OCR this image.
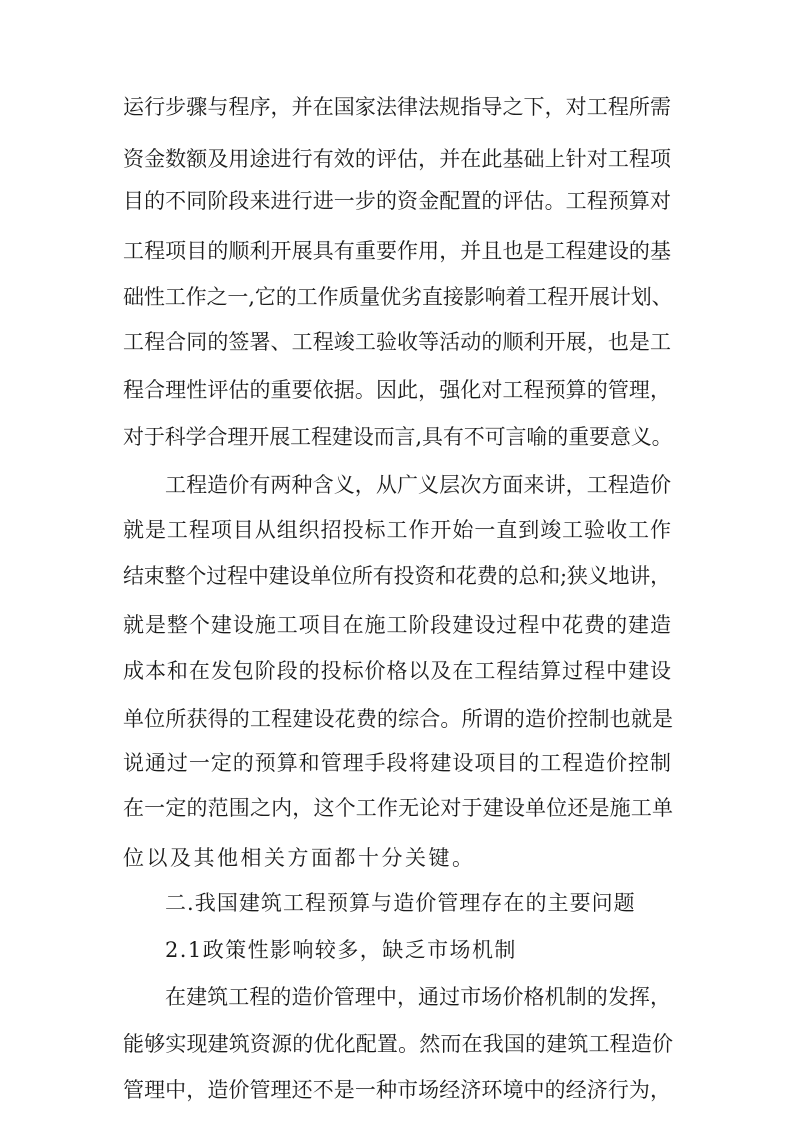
运行步骤与程序，并在国家法律法规指导之下，对工程所需
资金数额及用途进行有效的评估，并在此基础上针对工程项
目的不同阶段来进行进一步的资金配置的评估。工程预算对
工程项目的顺利开展具有重要作用，并且也是工程建设的基
础性工作之一,它的工作质量优劣直接影响着工程开展计划、
工程合同的签署、工程竣工验收等活动的顺利开展，也是工
程合理性评估的重要依据。因此，强化对工程预算的管理，
对于科学合理开展工程建设而言,具有不可言喻的重要意义。
工程造价有两种含义，从广义层次方面来讲，工程造价
就是工程项目从组织招投标工作开始一直到竣工验收工作
结束整个过程中建设单位所有投资和花费的总和;狭义地讲，
就是整个建设施工项目在施工阶段建设过程中花费的建造
成本和在发包阶段的投标价格以及在工程结算过程中建设
单位所获得的工程建设花费的综合。所谓的造价控制也就是
说通过一定的预算和管理手段将建设项目的工程造价控制
在一定的范围之内，这个工作无论对于建设单位还是施工单
位以及其他相关方面都十分关键。
二.我国建筑工程预算与造价管理存在的主要问题
2.1政策性影响较多，缺乏市场机制
在建筑工程的造价管理中，通过市场价格机制的发挥，
能够实现建筑资源的优化配置。然而在我国的建筑工程造价
管理中，造价管理还不是一种市场经济环境中的经济行为，
